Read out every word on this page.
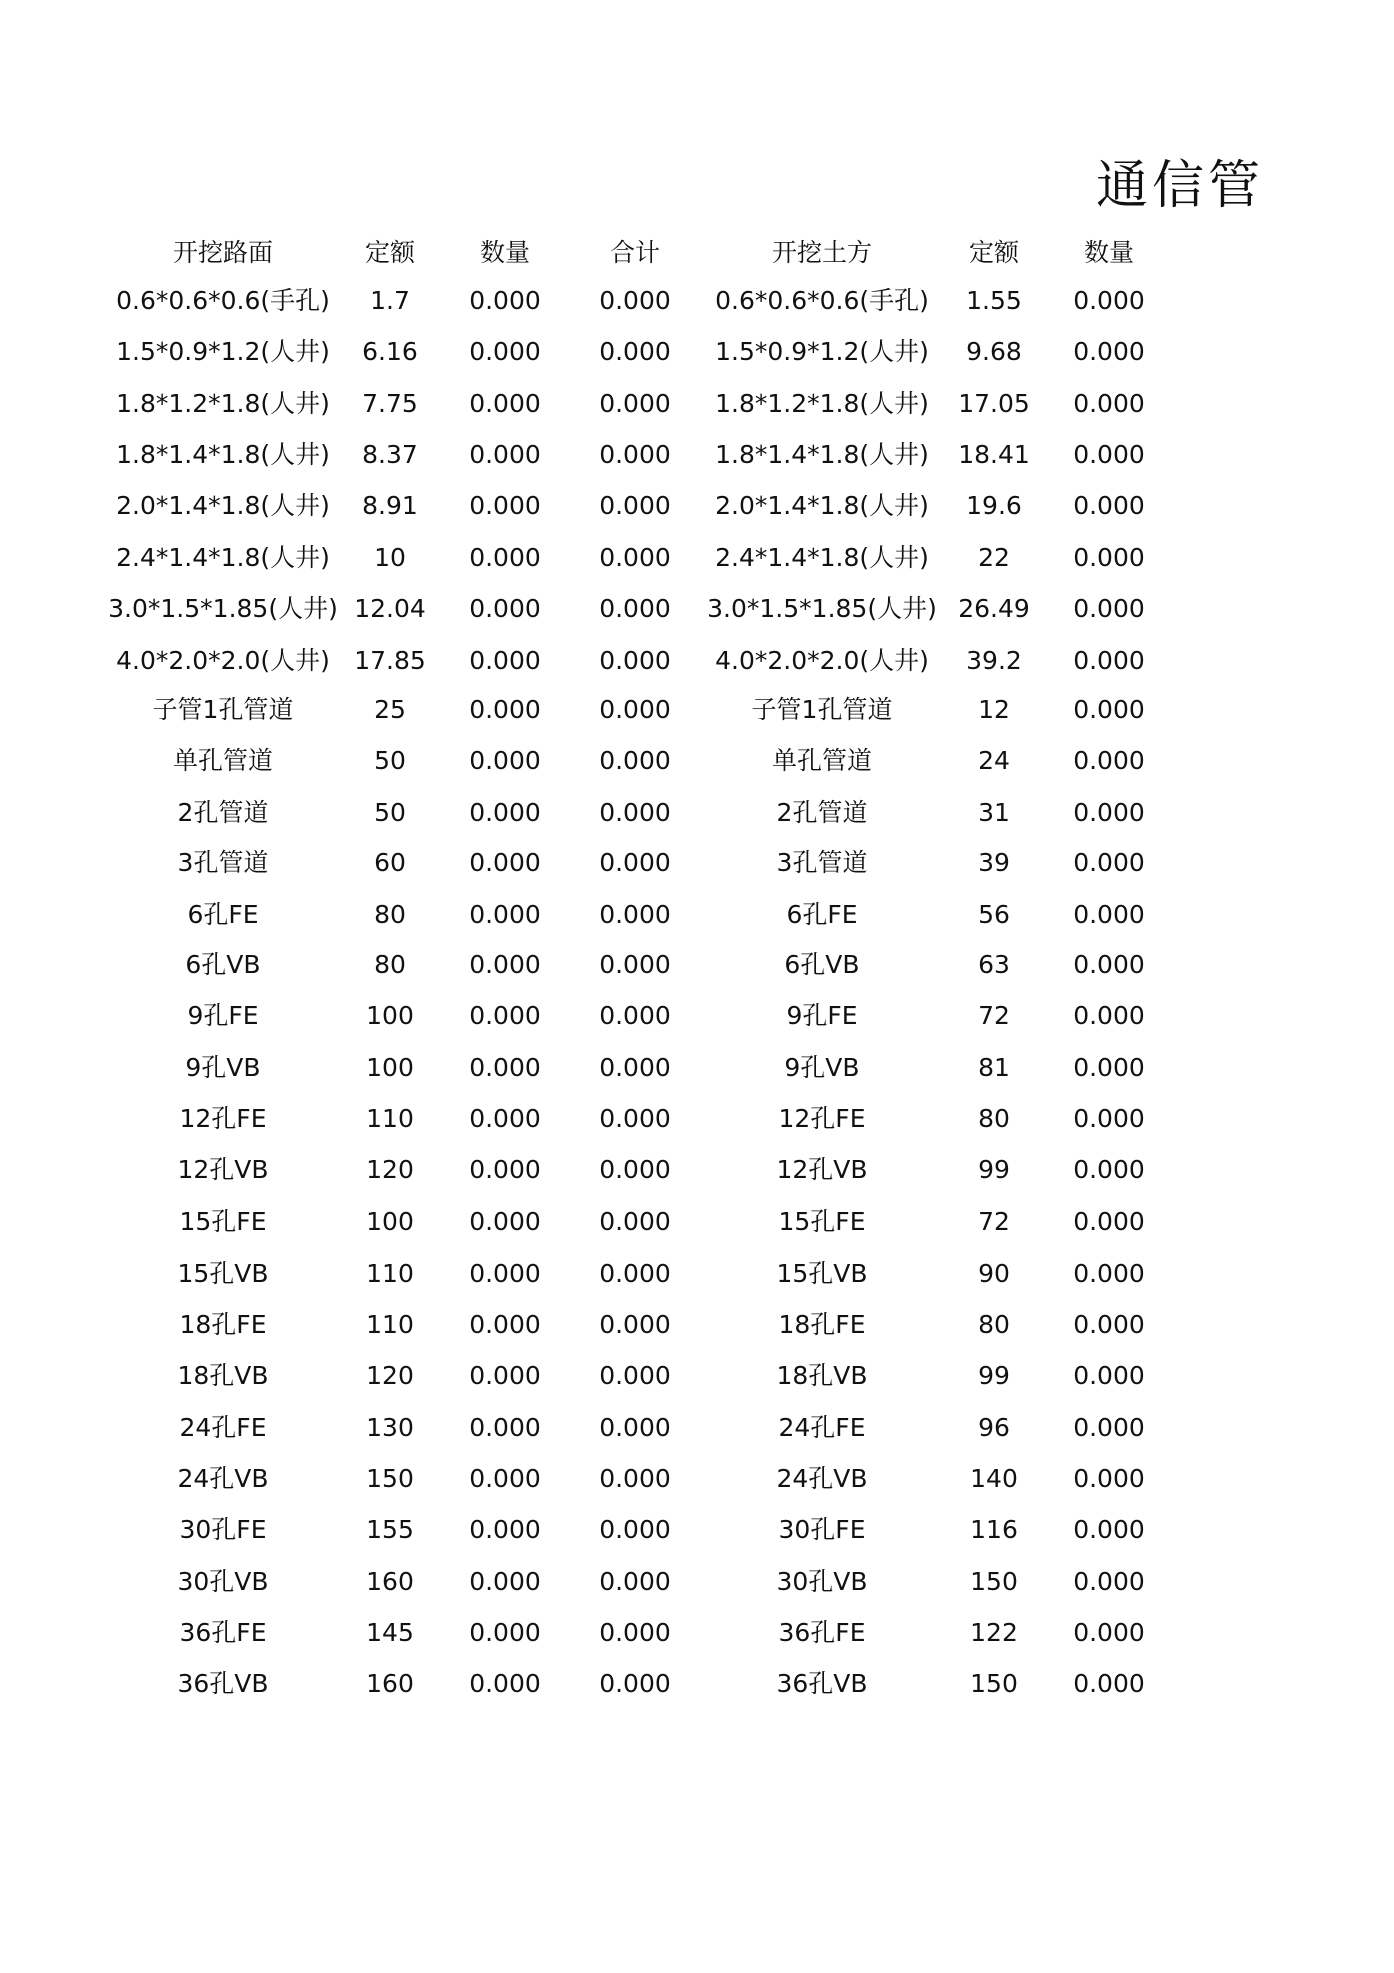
通信管
开挖路面	定额	数量	合计	开挖土方	定额	数量
0.6*0.6*0.6(手孔)	1.7	0.000	0.000	0.6*0.6*0.6(手孔)	1.55	0.000
1.5*0.9*1.2(人井)	6.16	0.000	0.000	1.5*0.9*1.2(人井)	9.68	0.000
1.8*1.2*1.8(人井)	7.75	0.000	0.000	1.8*1.2*1.8(人井)	17.05	0.000
1.8*1.4*1.8(人井)	8.37	0.000	0.000	1.8*1.4*1.8(人井)	18.41	0.000
2.0*1.4*1.8(人井)	8.91	0.000	0.000	2.0*1.4*1.8(人井)	19.6	0.000
2.4*1.4*1.8(人井)	10	0.000	0.000	2.4*1.4*1.8(人井)	22	0.000
3.0*1.5*1.85(人井) 12.04	0.000	0.000	3.0*1.5*1.85(人井) 26.49	0.000
4.0*2.0*2.0(人井) 17.85	0.000	0.000	4.0*2.0*2.0(人井)	39.2	0.000
子管1孔管道	25	0.000	0.000	子管1孔管道	12	0.000
单孔管道	50	0.000	0.000	单孔管道	24	0.000
2孔管道	50	0.000	0.000	2孔管道	31	0.000
3孔管道	60	0.000	0.000	3孔管道	39	0.000
6孔FE	80	0.000	0.000	6孔FE	56	0.000
6孔VB	80	0.000	0.000	6孔VB	63	0.000
9孔FE	100	0.000	0.000	9孔FE	72	0.000
9孔VB	100	0.000	0.000	9孔VB	81	0.000
12孔FE	110	0.000	0.000	12孔FE	80	0.000
12孔VB	120	0.000	0.000	12孔VB	99	0.000
15孔FE	100	0.000	0.000	15孔FE	72	0.000
15孔VB	110	0.000	0.000	15孔VB	90	0.000
18孔FE	110	0.000	0.000	18孔FE	80	0.000
18孔VB	120	0.000	0.000	18孔VB	99	0.000
24孔FE	130	0.000	0.000	24孔FE	96	0.000
24孔VB	150	0.000	0.000	24孔VB	140	0.000
30孔FE	155	0.000	0.000	30孔FE	116	0.000
30孔VB	160	0.000	0.000	30孔VB	150	0.000
36孔FE	145	0.000	0.000	36孔FE	122	0.000
36孔VB	160	0.000	0.000	36孔VB	150	0.000
